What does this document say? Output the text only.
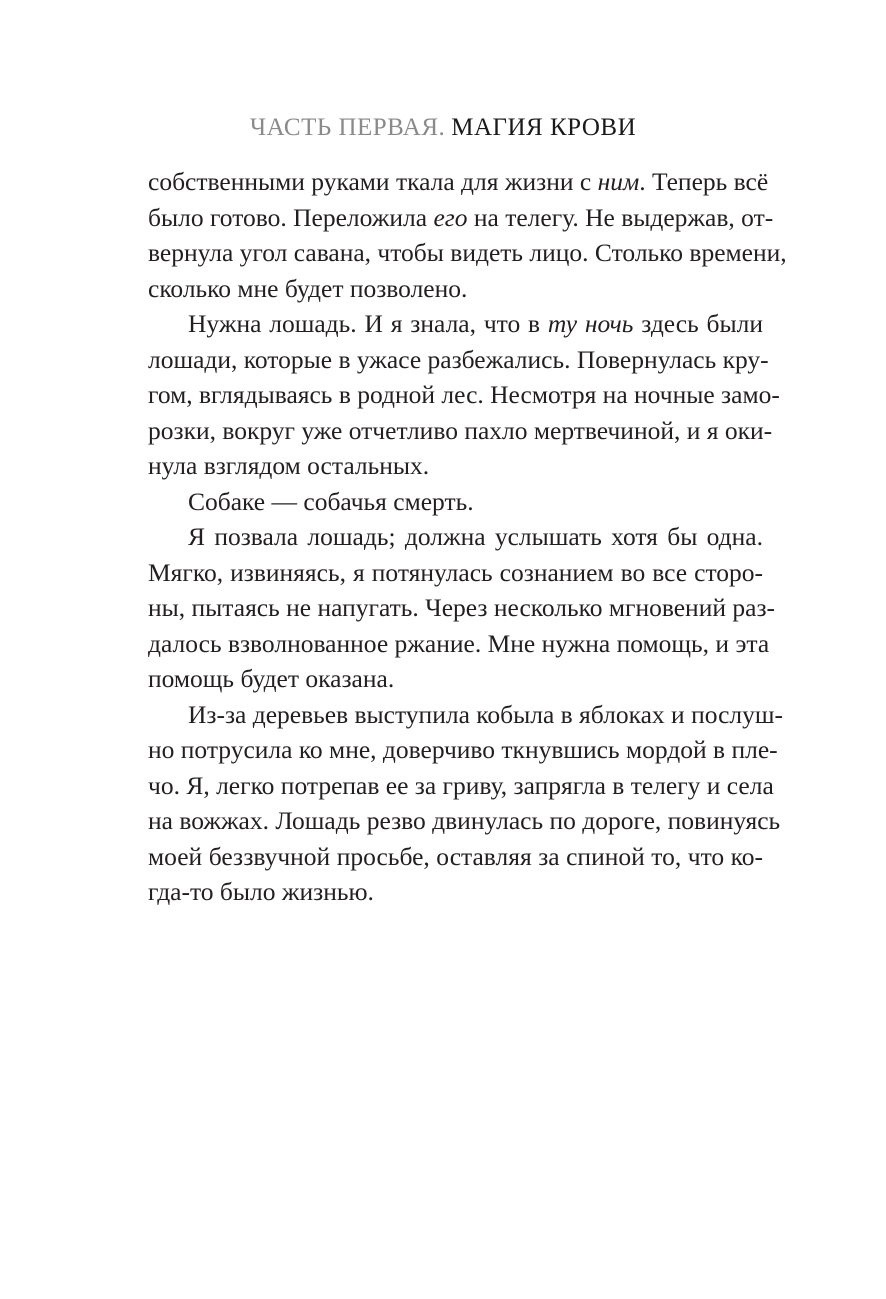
ЧАСТЬ ПЕРВАЯ. МАГИЯ КРОВИ
собственными руками ткала для жизни с ним. Теперь всё
было готово. Переложила его на телегу. Не выдержав, от-
вернула угол савана, чтобы видеть лицо. Столько времени,
сколько мне будет позволено.
Нужна лошадь. И я знала, что в ту ночь здесь были
лошади, которые в ужасе разбежались. Повернулась кру-
гом, вглядываясь в родной лес. Несмотря на ночные замо-
розки, вокруг уже отчетливо пахло мертвечиной, и я оки-
нула взглядом остальных.
Собаке — собачья смерть.
Я позвала лошадь; должна услышать хотя бы одна.
Мягко, извиняясь, я потянулась сознанием во все сторо-
ны, пытаясь не напугать. Через несколько мгновений раз-
далось взволнованное ржание. Мне нужна помощь, и эта
помощь будет оказана.
Из-за деревьев выступила кобыла в яблоках и послуш-
но потрусила ко мне, доверчиво ткнувшись мордой в пле-
чо. Я, легко потрепав ее за гриву, запрягла в телегу и села
на вожжах. Лошадь резво двинулась по дороге, повинуясь
моей беззвучной просьбе, оставляя за спиной то, что ко-
гда-то было жизнью.
